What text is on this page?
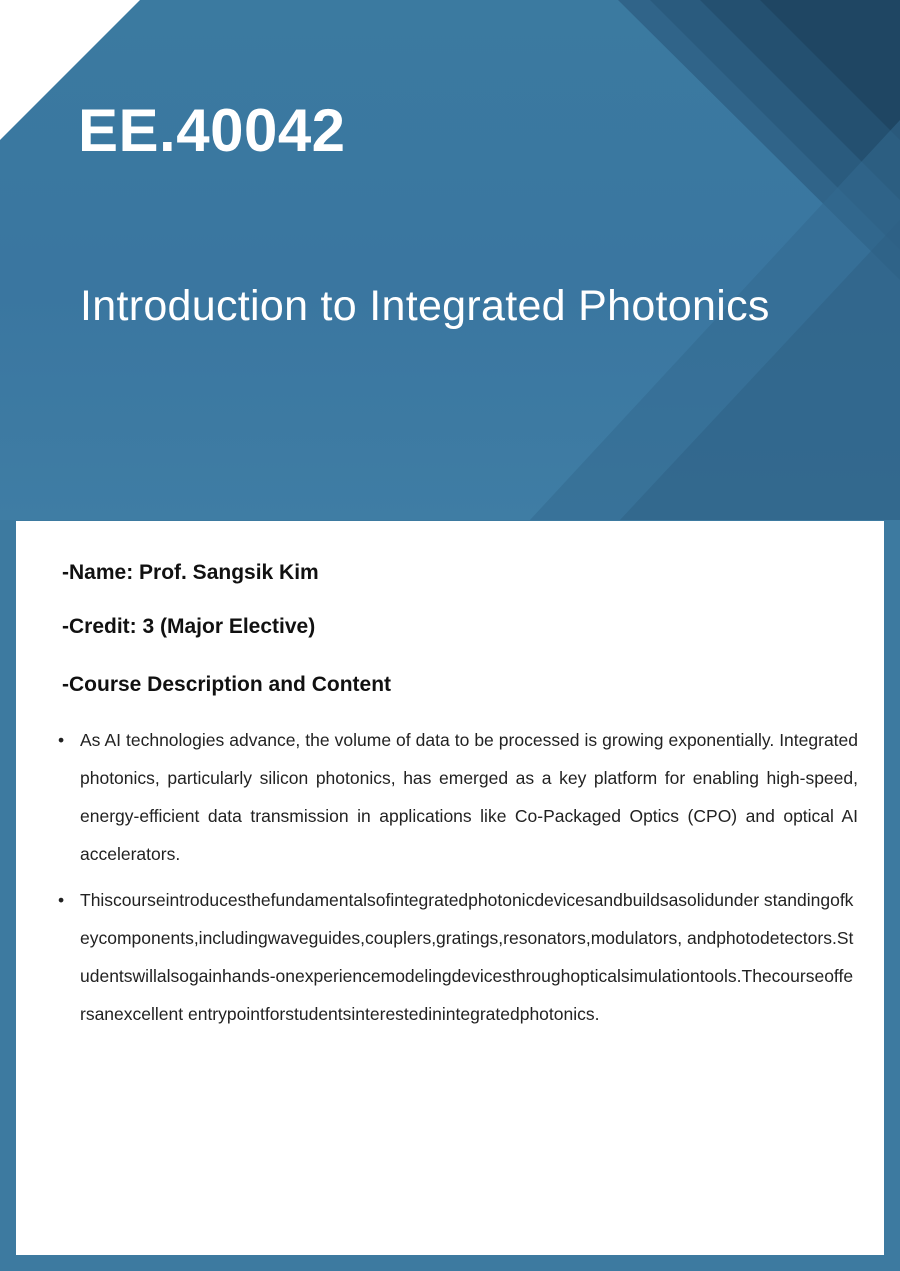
EE.40042
Introduction to Integrated Photonics

-Name: Prof. Sangsik Kim

-Credit: 3 (Major Elective)

-Course Description and Content

• As AI technologies advance, the volume of data to be processed is growing exponentially. Integrated photonics, particularly silicon photonics, has emerged as a key platform for enabling high-speed, energy-efficient data transmission in applications like Co-Packaged Optics (CPO) and optical AI accelerators.
• Thiscourseintroducesthefundamentalsofintegratedphotonicdevicesandbuildsasolidunder standingofkeycomponents,includingwaveguides,couplers,gratings,resonators,modulators, andphotodetectors.Studentswillalsogainhands-onexperiencemodelingdevicesthroughopticalsimulationtools.Thecourseoffersanexcellent entrypointforstudentsinterestedinintegratedphotonics.
